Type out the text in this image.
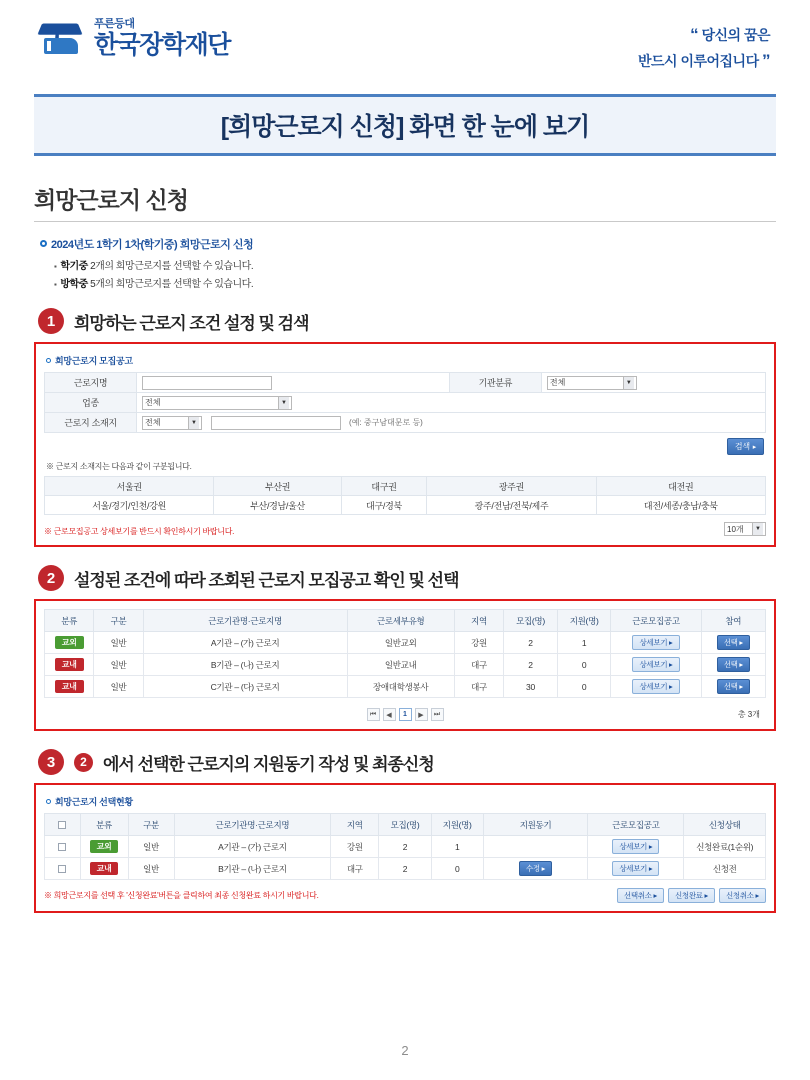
푸른등대
한국장학재단	“ 당신의 꿈은
반드시 이루어집니다 ”
[희망근로지 신청] 화면 한 눈에 보기
희망근로지 신청
2024년도 1학기 1차(학기중) 희망근로지 신청
▪ 학기중 2개의 희망근로지를 선택할 수 있습니다.
▪ 방학중 5개의 희망근로지를 선택할 수 있습니다.
1	희망하는 근로지 조건 설정 및 검색
희망근로지 모집공고
근로지명		기관분류	전체 ▼

업종	전체 ▼		

근로지 소재지	전체 ▼ (예: 중구남대문로 등)		
검색 ▸
※ 근로지 소재지는 다음과 같이 구분됩니다.
서울권	부산권	대구권	광주권	대전권
서울/경기/인천/강원	부산/경남/울산	대구/경북	광주/전남/전북/제주	대전/세종/충남/충북
※ 근로모집공고 상세보기를 반드시 확인하시기 바랍니다.	10개	▼
2	설정된 조건에 따라 조회된 근로지 모집공고 확인 및 선택
분류	구분	근로기관명·근로지명	근로세부유형	지역	모집(명)	지원(명)	근로모집공고	참여
교외	일반	A기관 – (가) 근로지	일반교외	강원	2	1	상세보기 ▸	선택 ▸
교내	일반	B기관 – (나) 근로지	일반교내	대구	2	0	상세보기 ▸	선택 ▸
교내	일반	C기관 – (다) 근로지	장애대학생봉사	대구	30	0	상세보기 ▸	선택 ▸
⏮	◀	1	▶	⏭	총 3개
3	2 에서 선택한 근로지의 지원동기 작성 및 최종신청
희망근로지 선택현황
	분류	구분	근로기관명·근로지명	지역	모집(명)	지원(명)	지원동기	근로모집공고	신청상태
	교외	일반	A기관 – (가) 근로지	강원	2	1		상세보기 ▸	신청완료(1순위)
	교내	일반	B기관 – (나) 근로지	대구	2	0	수정 ▸	상세보기 ▸	신청전
※ 희망근로지를 선택 후 '신청완료'버튼을 클릭하여 최종 신청완료 하시기 바랍니다.	선택취소 ▸	신청완료 ▸	신청취소 ▸
2
